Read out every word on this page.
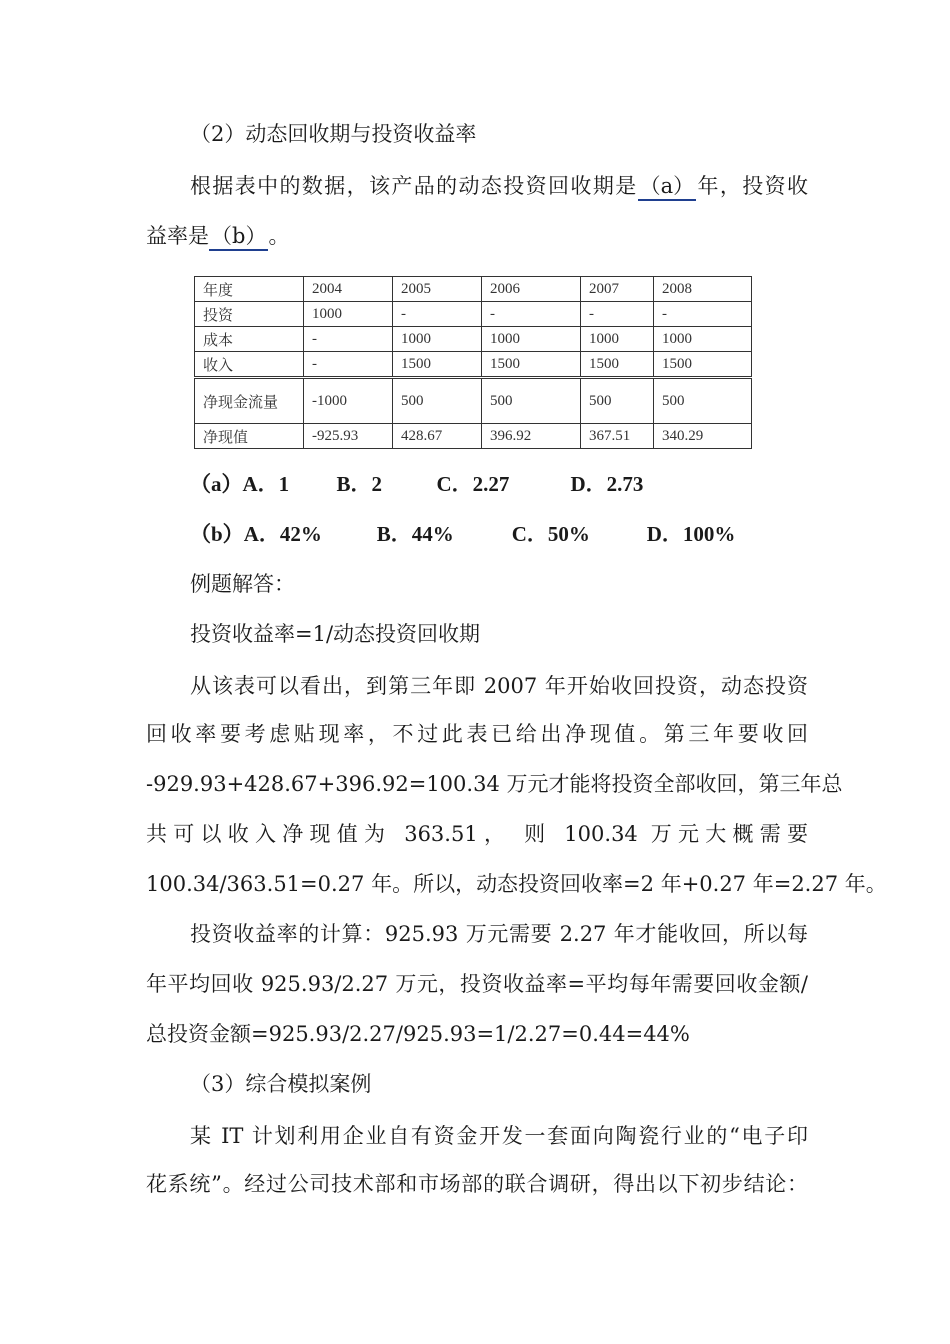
（2）动态回收期与投资收益率
根据表中的数据，该产品的动态投资回收期是（a）年，投资收
益率是（b）。
年度	2004	2005	2006	2007	2008
投资	1000	-	-	-	-
成本	-	1000	1000	1000	1000
收入	-	1500	1500	1500	1500
净现金流量	-1000	500	500	500	500
净现值	-925.93	428.67	396.92	367.51	340.29
（a）A．1 B．2	C．2.27	D．2.73
（b）A．42%	B．44%	C．50%	D．100%
例题解答：
投资收益率=1/动态投资回收期
从该表可以看出，到第三年即 2007 年开始收回投资，动态投资
回收率要考虑贴现率，不过此表已给出净现值。第三年要收回
-929.93+428.67+396.92=100.34 万元才能将投资全部收回，第三年总
共可以收入净现值为 363.51， 则 100.34 万元大概需要
100.34/363.51=0.27 年。所以，动态投资回收率=2 年+0.27 年=2.27 年。
投资收益率的计算：925.93 万元需要 2.27 年才能收回，所以每
年平均回收 925.93/2.27 万元，投资收益率=平均每年需要回收金额/
总投资金额=925.93/2.27/925.93=1/2.27=0.44=44%
（3）综合模拟案例
某 IT 计划利用企业自有资金开发一套面向陶瓷行业的“电子印
花系统”。经过公司技术部和市场部的联合调研，得出以下初步结论：
